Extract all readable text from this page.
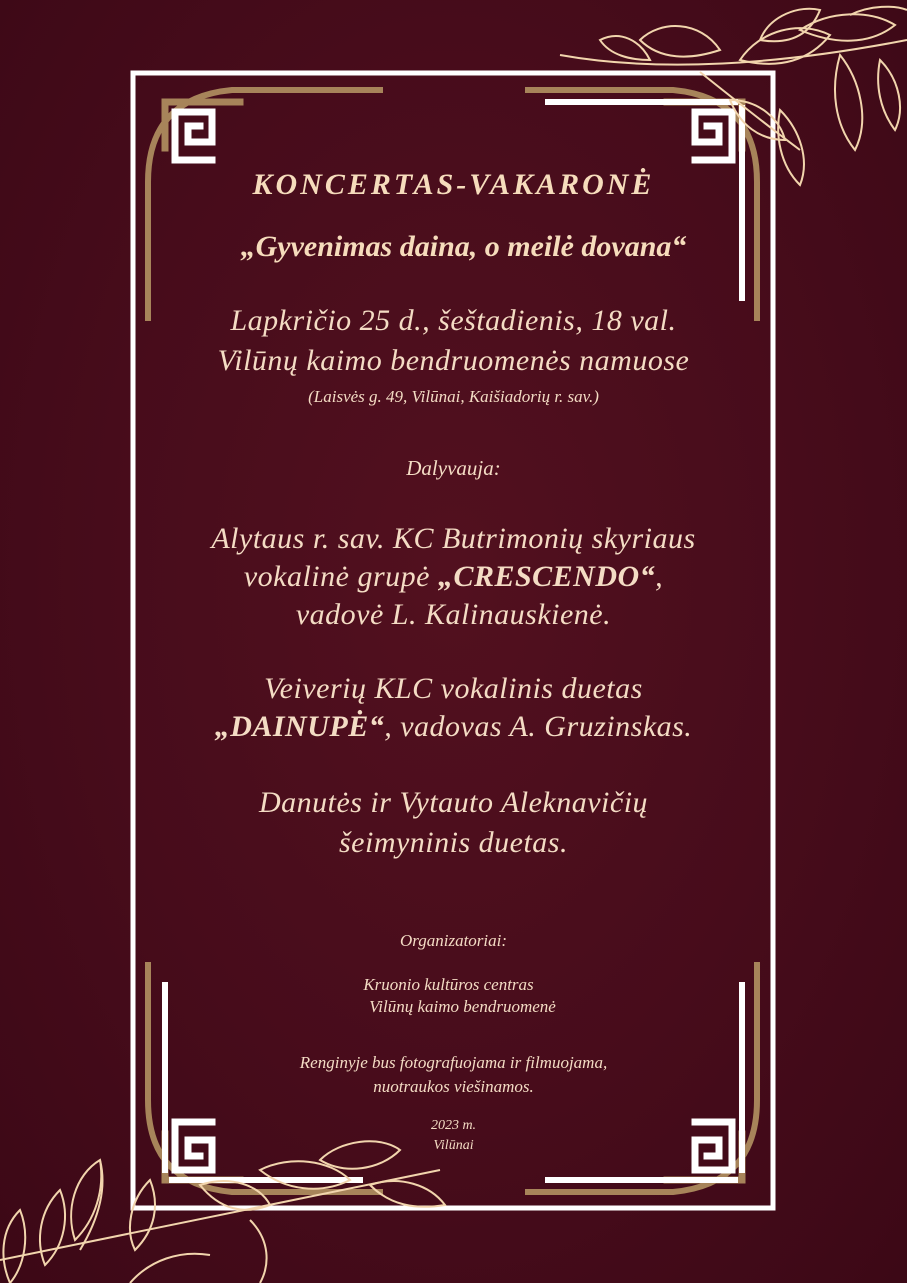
KONCERTAS-VAKARONĖ
„Gyvenimas daina, o meilė dovana“
Lapkričio 25 d., šeštadienis, 18 val.
Vilūnų kaimo bendruomenės namuose
(Laisvės g. 49, Vilūnai, Kaišiadorių r. sav.)
Dalyvauja:
Alytaus r. sav. KC Butrimonių skyriaus
vokalinė grupė „CRESCENDO“,
vadovė L. Kalinauskienė.
Veiverių KLC vokalinis duetas
„DAINUPĖ“, vadovas A. Gruzinskas.
Danutės ir Vytauto Aleknavičių
šeimyninis duetas.
Organizatoriai:
Kruonio kultūros centras
Vilūnų kaimo bendruomenė
Renginyje bus fotografuojama ir filmuojama,
nuotraukos viešinamos.
2023 m.
Vilūnai
